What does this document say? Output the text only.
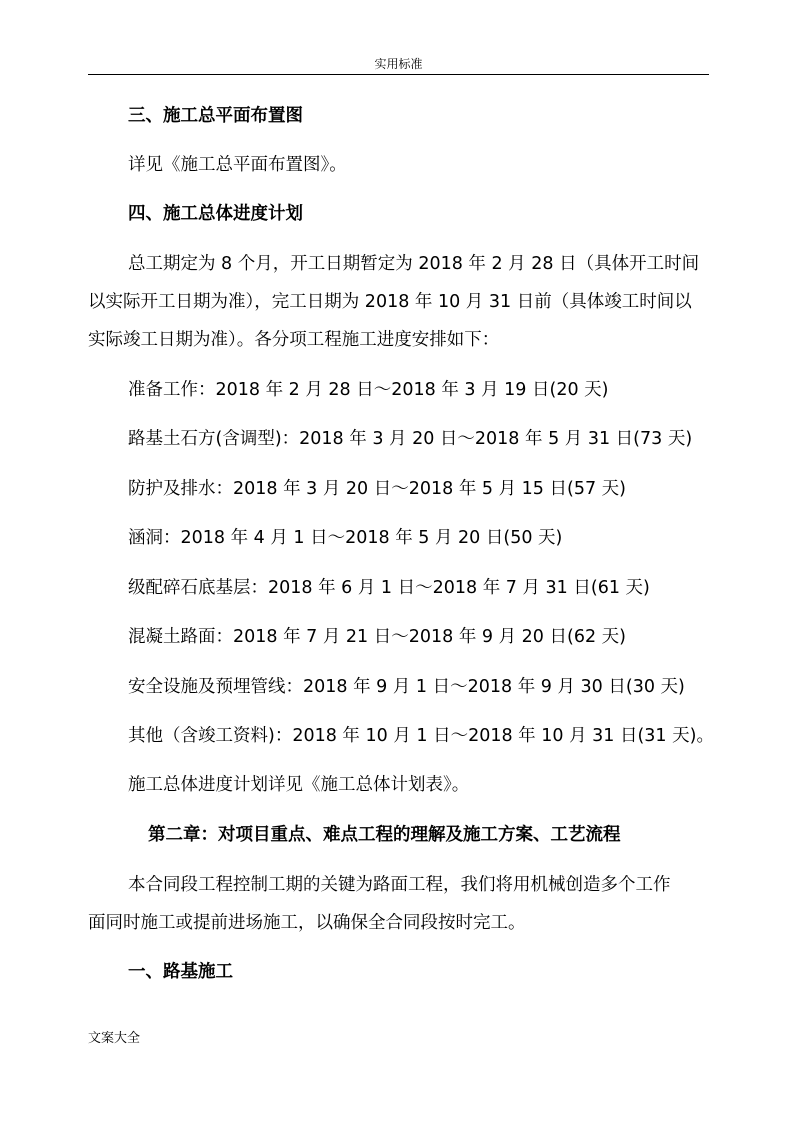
实用标准
三、施工总平面布置图
详见《施工总平面布置图》。
四、施工总体进度计划
总工期定为 8 个月，开工日期暂定为 2018 年 2 月 28 日（具体开工时间
以实际开工日期为准），完工日期为 2018 年 10 月 31 日前（具体竣工时间以
实际竣工日期为准）。各分项工程施工进度安排如下：
准备工作：2018 年 2 月 28 日～2018 年 3 月 19 日(20 天)
路基土石方(含调型)：2018 年 3 月 20 日～2018 年 5 月 31 日(73 天)
防护及排水：2018 年 3 月 20 日～2018 年 5 月 15 日(57 天)
涵洞：2018 年 4 月 1 日～2018 年 5 月 20 日(50 天)
级配碎石底基层：2018 年 6 月 1 日～2018 年 7 月 31 日(61 天)
混凝土路面：2018 年 7 月 21 日～2018 年 9 月 20 日(62 天)
安全设施及预埋管线：2018 年 9 月 1 日～2018 年 9 月 30 日(30 天)
其他（含竣工资料)：2018 年 10 月 1 日～2018 年 10 月 31 日(31 天)。
施工总体进度计划详见《施工总体计划表》。
第二章：对项目重点、难点工程的理解及施工方案、工艺流程
本合同段工程控制工期的关键为路面工程，我们将用机械创造多个工作
面同时施工或提前进场施工，以确保全合同段按时完工。
一、路基施工
文案大全
